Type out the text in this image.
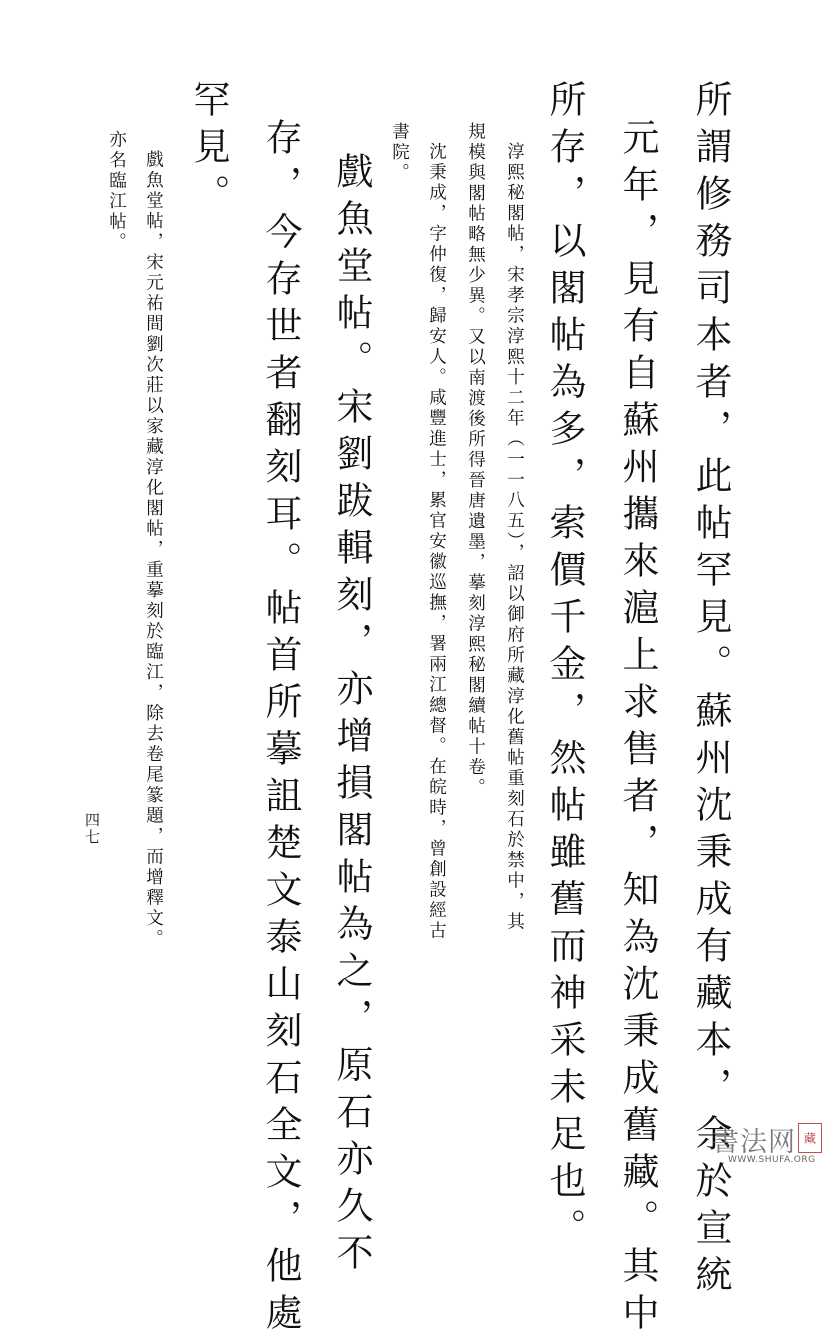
所謂修務司本者，此帖罕見。蘇州沈秉成有藏本，余於宣統
元年，見有自蘇州攜來滬上求售者，知為沈秉成舊藏。其中
所存，以閣帖為多，索價千金，然帖雖舊而神采未足也。
淳熙秘閣帖，宋孝宗淳熙十二年（一一八五），詔以御府所藏淳化舊帖重刻石於禁中，其
規模與閣帖略無少異。又以南渡後所得晉唐遺墨，摹刻淳熙秘閣續帖十卷。
沈秉成，字仲復，歸安人。咸豐進士，累官安徽巡撫，署兩江總督。在皖時，曾創設經古
書院。
戲魚堂帖。宋劉跋輯刻，亦增損閣帖為之，原石亦久不
存，今存世者翻刻耳。帖首所摹詛楚文泰山刻石全文，他處
罕見。
戲魚堂帖，宋元祐間劉次莊以家藏淳化閣帖，重摹刻於臨江，除去卷尾篆題，而增釋文。
亦名臨江帖。
四七
書法网 藏
WWW.SHUFA.ORG
